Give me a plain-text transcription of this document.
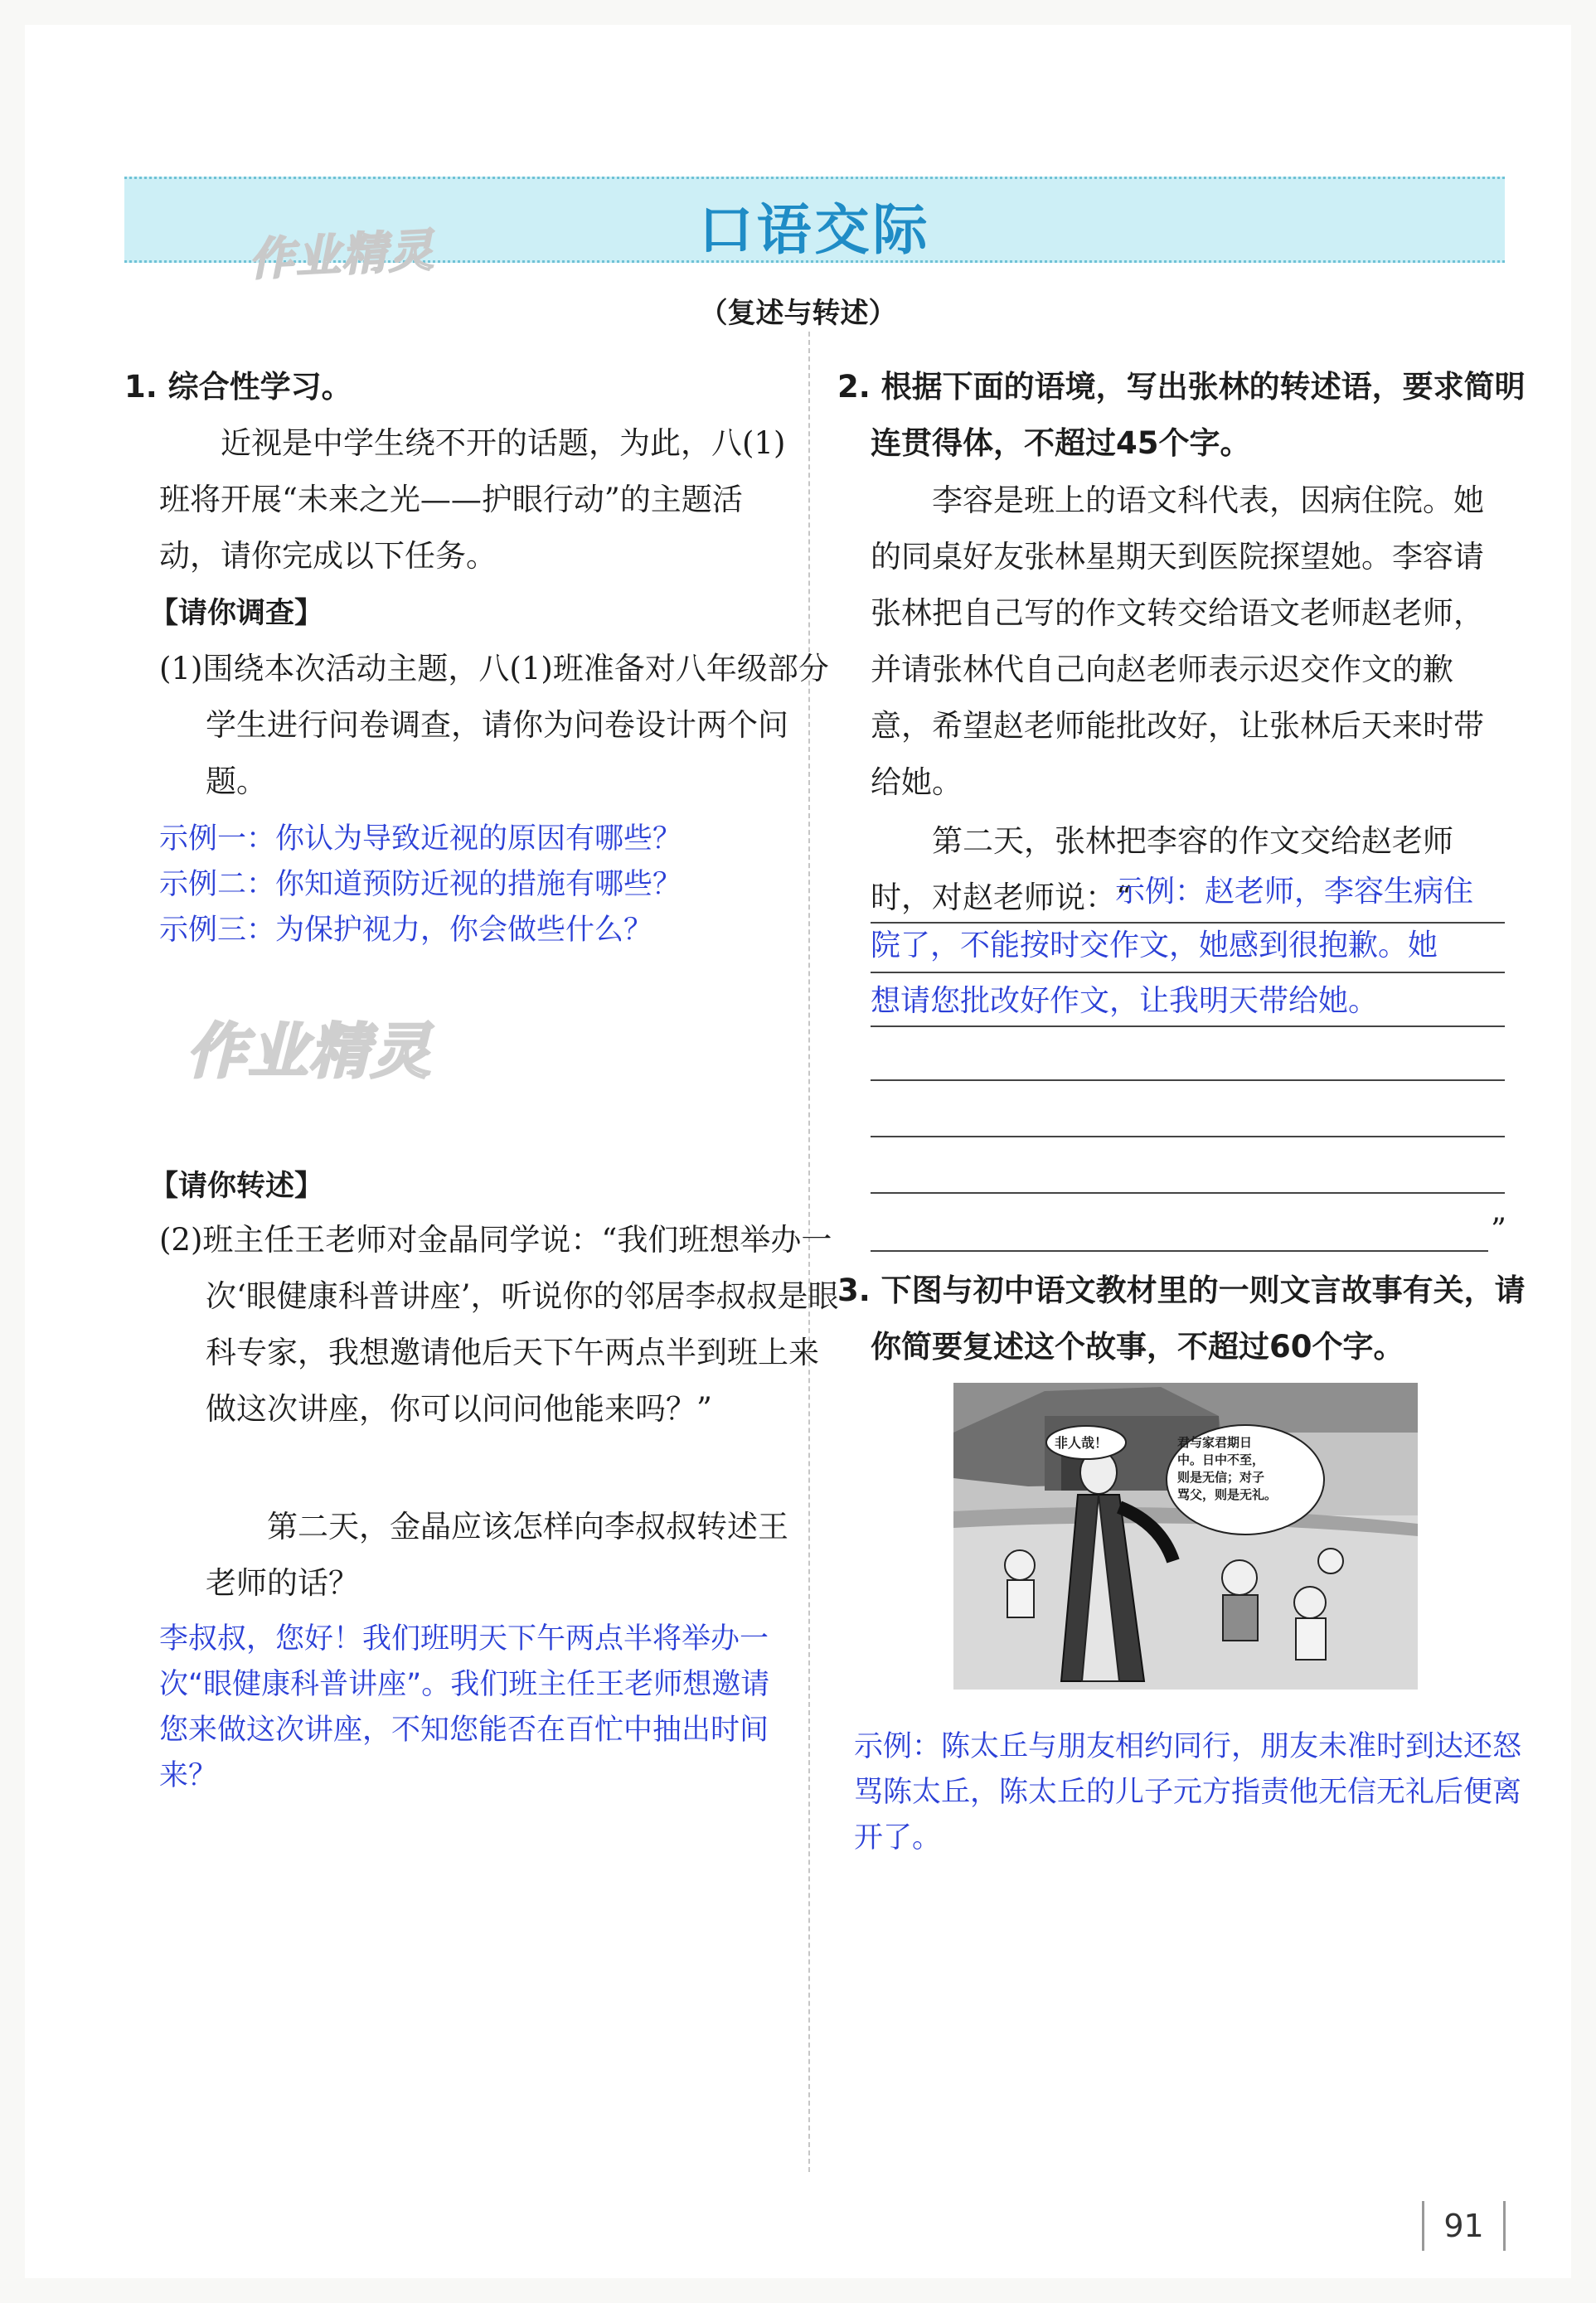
口语交际
作业精灵
（复述与转述）
1. 综合性学习。
近视是中学生绕不开的话题，为此，八(1)班将开展“未来之光——护眼行动”的主题活动，请你完成以下任务。
【请你调查】
(1)围绕本次活动主题，八(1)班准备对八年级部分学生进行问卷调查，请你为问卷设计两个问题。
示例一：你认为导致近视的原因有哪些？
示例二：你知道预防近视的措施有哪些？
示例三：为保护视力，你会做些什么？
作业精灵
【请你转述】
(2)班主任王老师对金晶同学说：“我们班想举办一次‘眼健康科普讲座’，听说你的邻居李叔叔是眼科专家，我想邀请他后天下午两点半到班上来做这次讲座，你可以问问他能来吗？”
第二天，金晶应该怎样向李叔叔转述王老师的话？
李叔叔，您好！我们班明天下午两点半将举办一次“眼健康科普讲座”。我们班主任王老师想邀请您来做这次讲座，不知您能否在百忙中抽出时间来？
2. 根据下面的语境，写出张林的转述语，要求简明连贯得体，不超过45个字。
李容是班上的语文科代表，因病住院。她的同桌好友张林星期天到医院探望她。李容请张林把自己写的作文转交给语文老师赵老师，并请张林代自己向赵老师表示迟交作文的歉意，希望赵老师能批改好，让张林后天来时带给她。
第二天，张林把李容的作文交给赵老师时，对赵老师说：“
”
示例：赵老师，李容生病住
院了，不能按时交作文，她感到很抱歉。她
想请您批改好作文，让我明天带给她。
3. 下图与初中语文教材里的一则文言故事有关，请你简要复述这个故事，不超过60个字。
非人哉！	君与家君期日
中。日中不至，
则是无信；对子
骂父，则是无礼。
示例：陈太丘与朋友相约同行，朋友未准时到达还怒骂陈太丘，陈太丘的儿子元方指责他无信无礼后便离开了。
91
